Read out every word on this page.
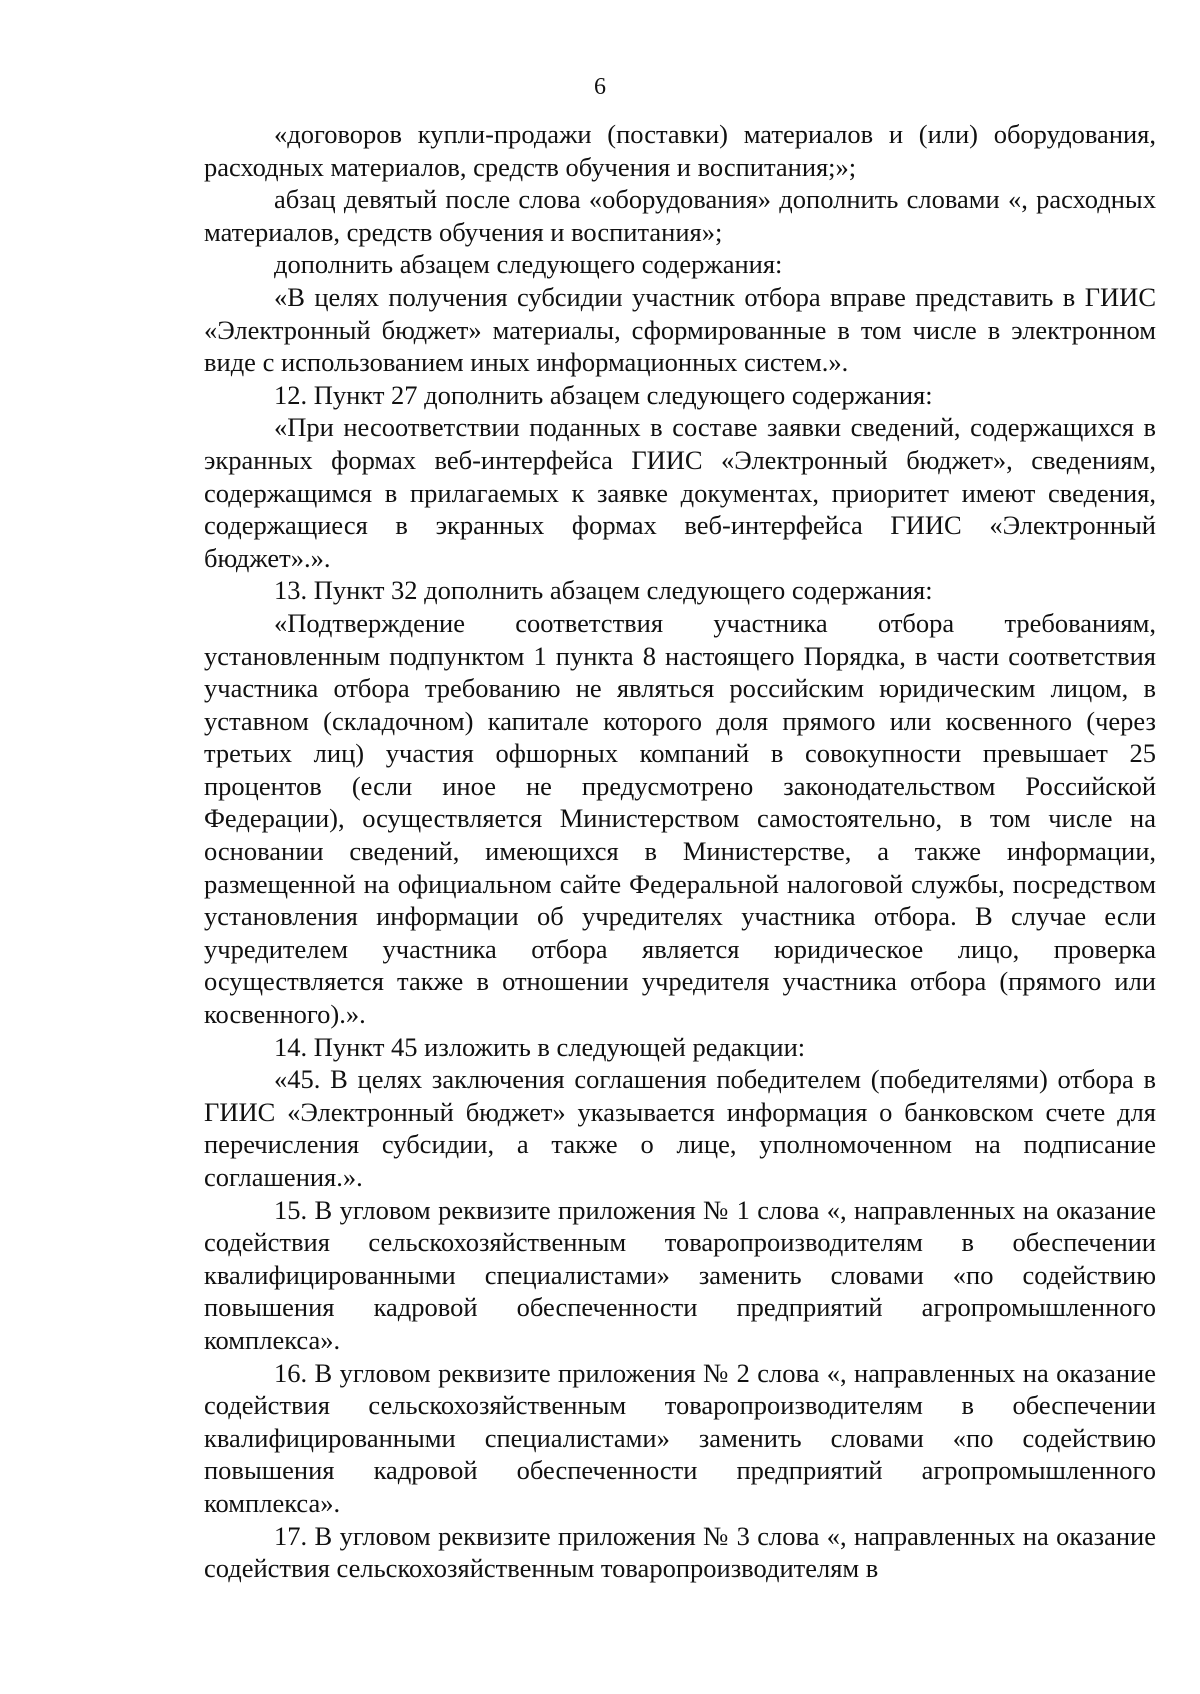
6

«договоров купли-продажи (поставки) материалов и (или) оборудования, расходных материалов, средств обучения и воспитания;»;

абзац девятый после слова «оборудования» дополнить словами «, расходных материалов, средств обучения и воспитания»;

дополнить абзацем следующего содержания:

«В целях получения субсидии участник отбора вправе представить в ГИИС «Электронный бюджет» материалы, сформированные в том числе в электронном виде с использованием иных информационных систем.».

12. Пункт 27 дополнить абзацем следующего содержания:

«При несоответствии поданных в составе заявки сведений, содержащихся в экранных формах веб-интерфейса ГИИС «Электронный бюджет», сведениям, содержащимся в прилагаемых к заявке документах, приоритет имеют сведения, содержащиеся в экранных формах веб-интерфейса ГИИС «Электронный бюджет».».

13. Пункт 32 дополнить абзацем следующего содержания:

«Подтверждение соответствия участника отбора требованиям, установленным подпунктом 1 пункта 8 настоящего Порядка, в части соответствия участника отбора требованию не являться российским юридическим лицом, в уставном (складочном) капитале которого доля прямого или косвенного (через третьих лиц) участия офшорных компаний в совокупности превышает 25 процентов (если иное не предусмотрено законодательством Российской Федерации), осуществляется Министерством самостоятельно, в том числе на основании сведений, имеющихся в Министерстве, а также информации, размещенной на официальном сайте Федеральной налоговой службы, посредством установления информации об учредителях участника отбора. В случае если учредителем участника отбора является юридическое лицо, проверка осуществляется также в отношении учредителя участника отбора (прямого или косвенного).».

14. Пункт 45 изложить в следующей редакции:

«45. В целях заключения соглашения победителем (победителями) отбора в ГИИС «Электронный бюджет» указывается информация о банковском счете для перечисления субсидии, а также о лице, уполномоченном на подписание соглашения.».

15. В угловом реквизите приложения № 1 слова «, направленных на оказание содействия сельскохозяйственным товаропроизводителям в обеспечении квалифицированными специалистами» заменить словами «по содействию повышения кадровой обеспеченности предприятий агропромышленного комплекса».

16. В угловом реквизите приложения № 2 слова «, направленных на оказание содействия сельскохозяйственным товаропроизводителям в обеспечении квалифицированными специалистами» заменить словами «по содействию повышения кадровой обеспеченности предприятий агропромышленного комплекса».

17. В угловом реквизите приложения № 3 слова «, направленных на оказание содействия сельскохозяйственным товаропроизводителям в
